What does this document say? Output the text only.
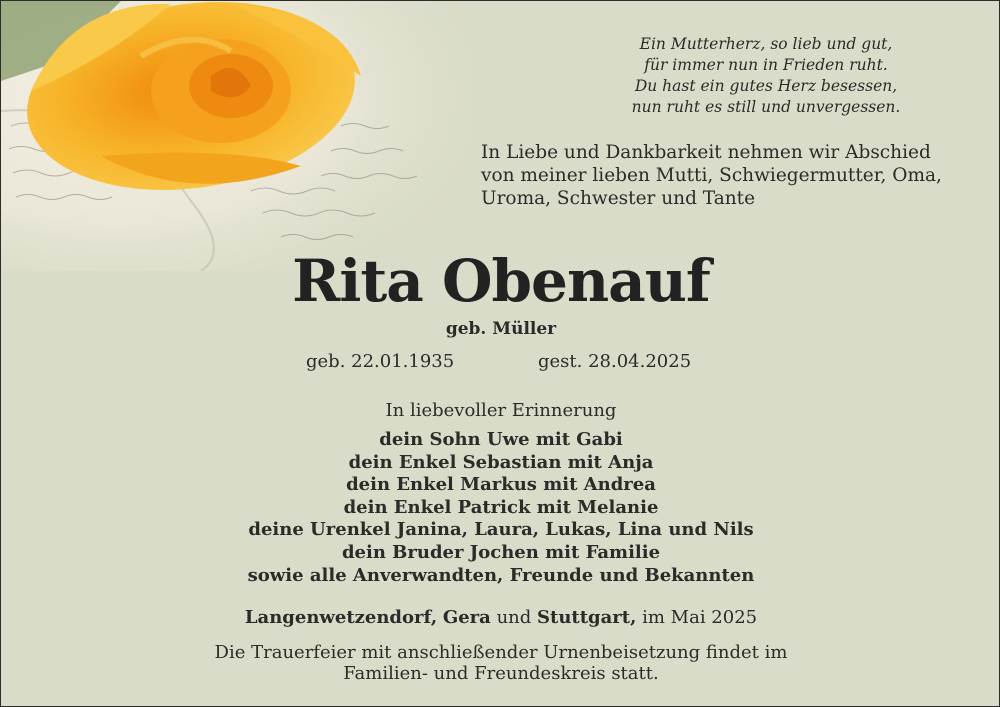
Ein Mutterherz, so lieb und gut,
für immer nun in Frieden ruht.
Du hast ein gutes Herz besessen,
nun ruht es still und unvergessen.
In Liebe und Dankbarkeit nehmen wir Abschied
von meiner lieben Mutti, Schwiegermutter, Oma,
Uroma, Schwester und Tante
Rita Obenauf
geb. Müller
geb. 22.01.1935	gest. 28.04.2025
In liebevoller Erinnerung
dein Sohn Uwe mit Gabi
dein Enkel Sebastian mit Anja
dein Enkel Markus mit Andrea
dein Enkel Patrick mit Melanie
deine Urenkel Janina, Laura, Lukas, Lina und Nils
dein Bruder Jochen mit Familie
sowie alle Anverwandten, Freunde und Bekannten
Langenwetzendorf, Gera und Stuttgart, im Mai 2025
Die Trauerfeier mit anschließender Urnenbeisetzung findet im
Familien- und Freundeskreis statt.
